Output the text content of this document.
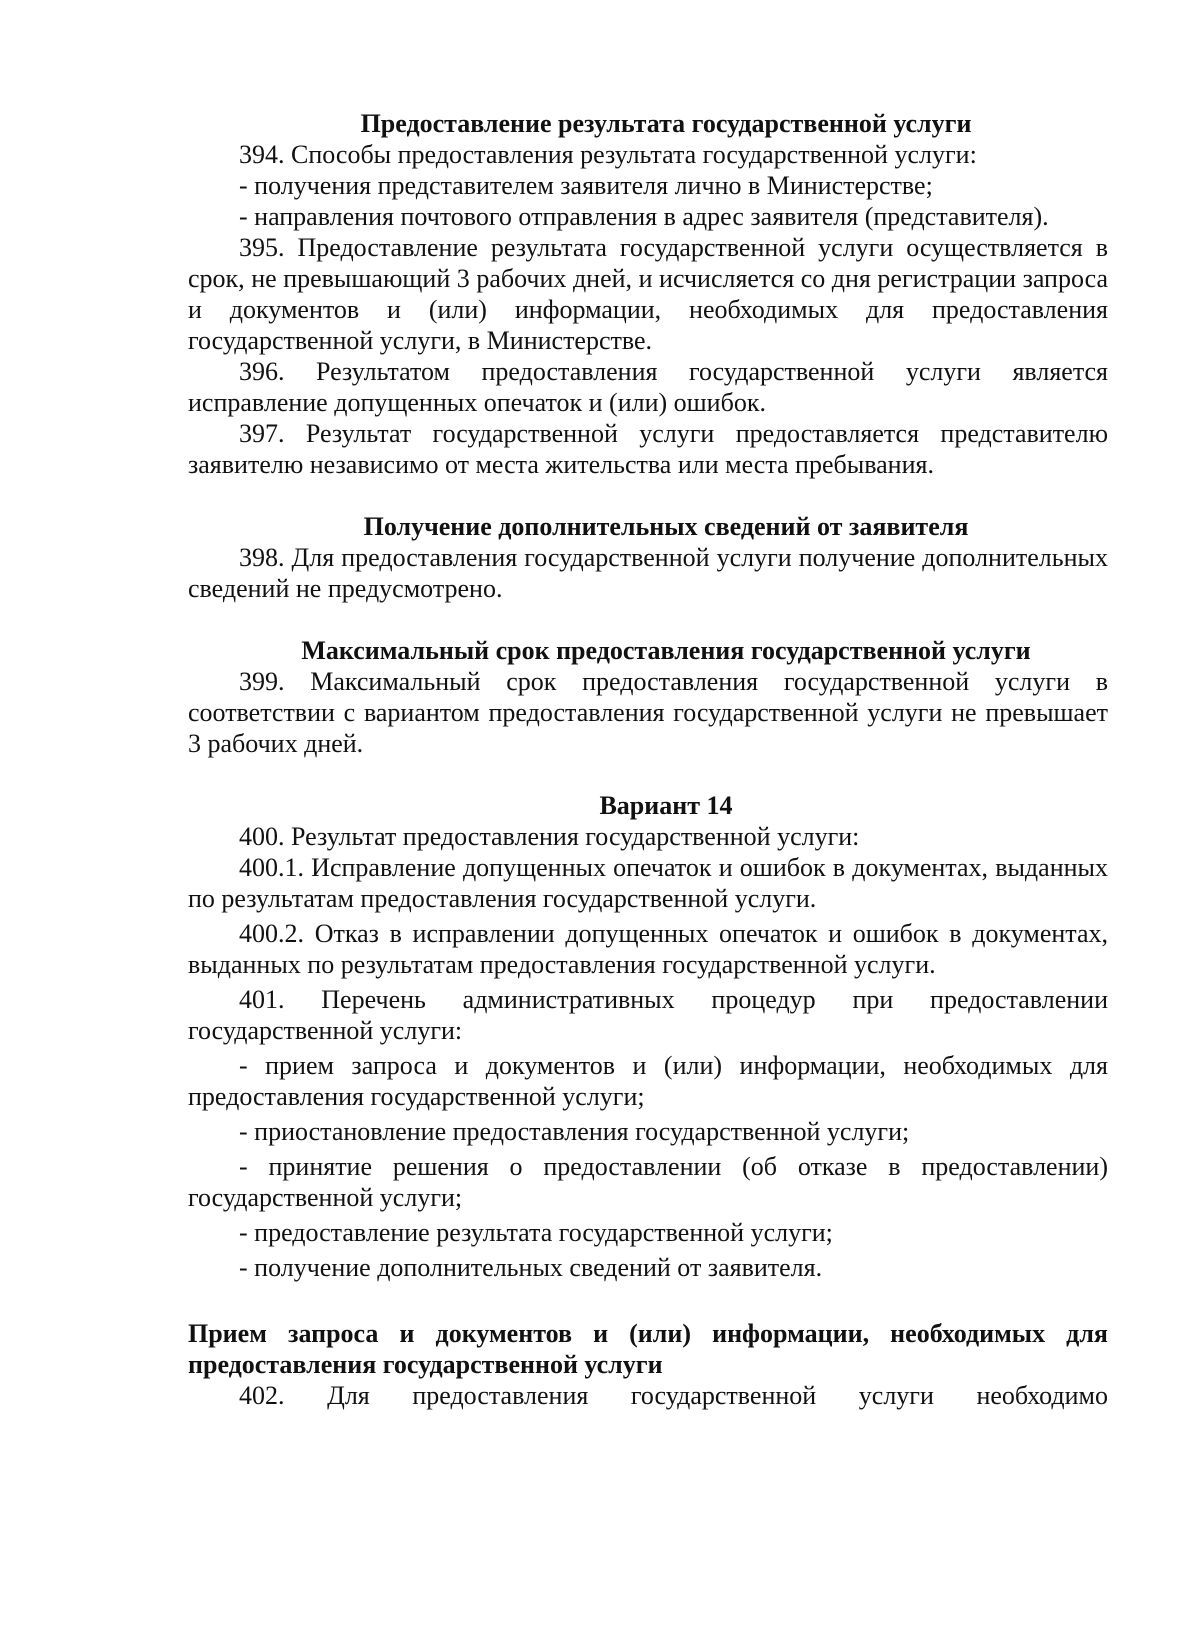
Предоставление результата государственной услуги

394. Способы предоставления результата государственной услуги:

- получения представителем заявителя лично в Министерстве;

- направления почтового отправления в адрес заявителя (представителя).

395. Предоставление результата государственной услуги осуществляется в срок, не превышающий 3 рабочих дней, и исчисляется со дня регистрации запроса и документов и (или) информации, необходимых для предоставления государственной услуги, в Министерстве.

396. Результатом предоставления государственной услуги является исправление допущенных опечаток и (или) ошибок.

397. Результат государственной услуги предоставляется представителю заявителю независимо от места жительства или места пребывания.

Получение дополнительных сведений от заявителя

398. Для предоставления государственной услуги получение дополнительных сведений не предусмотрено.

Максимальный срок предоставления государственной услуги

399. Максимальный срок предоставления государственной услуги в соответствии с вариантом предоставления государственной услуги не превышает 3 рабочих дней.

Вариант 14

400. Результат предоставления государственной услуги:

400.1. Исправление допущенных опечаток и ошибок в документах, выданных по результатам предоставления государственной услуги.

400.2. Отказ в исправлении допущенных опечаток и ошибок в документах, выданных по результатам предоставления государственной услуги.

401. Перечень административных процедур при предоставлении государственной услуги:

- прием запроса и документов и (или) информации, необходимых для предоставления государственной услуги;

- приостановление предоставления государственной услуги;

- принятие решения о предоставлении (об отказе в предоставлении) государственной услуги;

- предоставление результата государственной услуги;

- получение дополнительных сведений от заявителя.

Прием запроса и документов и (или) информации, необходимых для предоставления государственной услуги

402. Для предоставления государственной услуги необходимо
